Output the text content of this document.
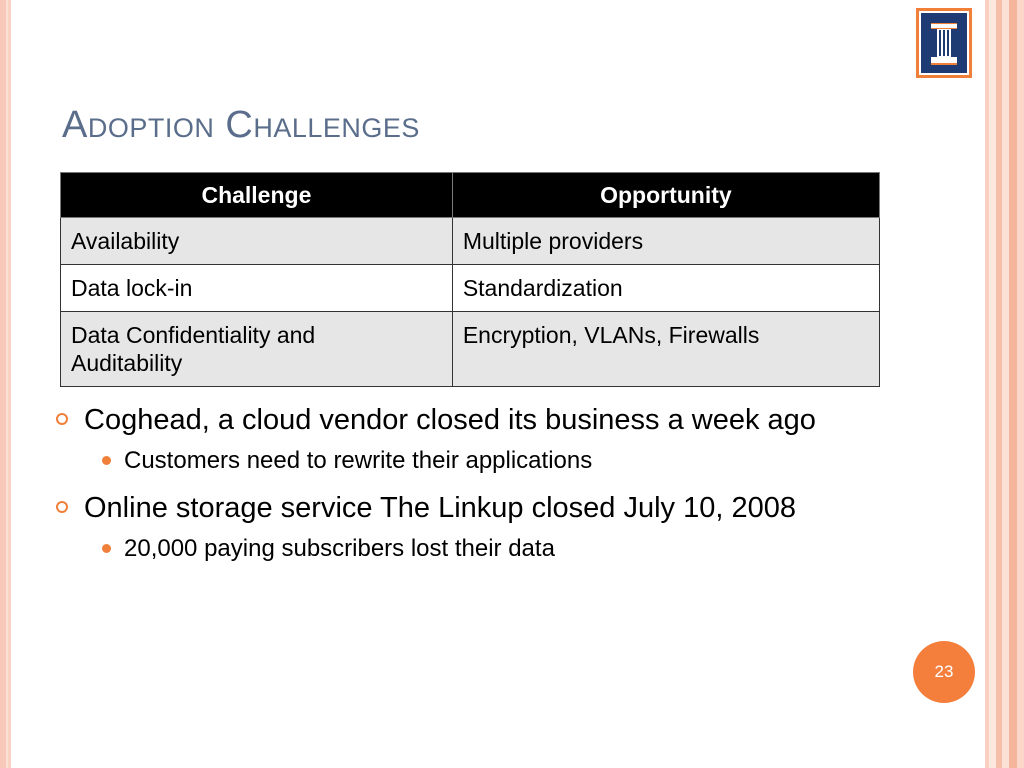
Adoption Challenges
Challenge	Opportunity
Availability	Multiple providers
Data lock-in	Standardization
Data Confidentiality and Auditability	Encryption, VLANs, Firewalls
Coghead, a cloud vendor closed its business a week ago
Customers need to rewrite their applications
Online storage service The Linkup closed July 10, 2008
20,000 paying subscribers lost their data
23
